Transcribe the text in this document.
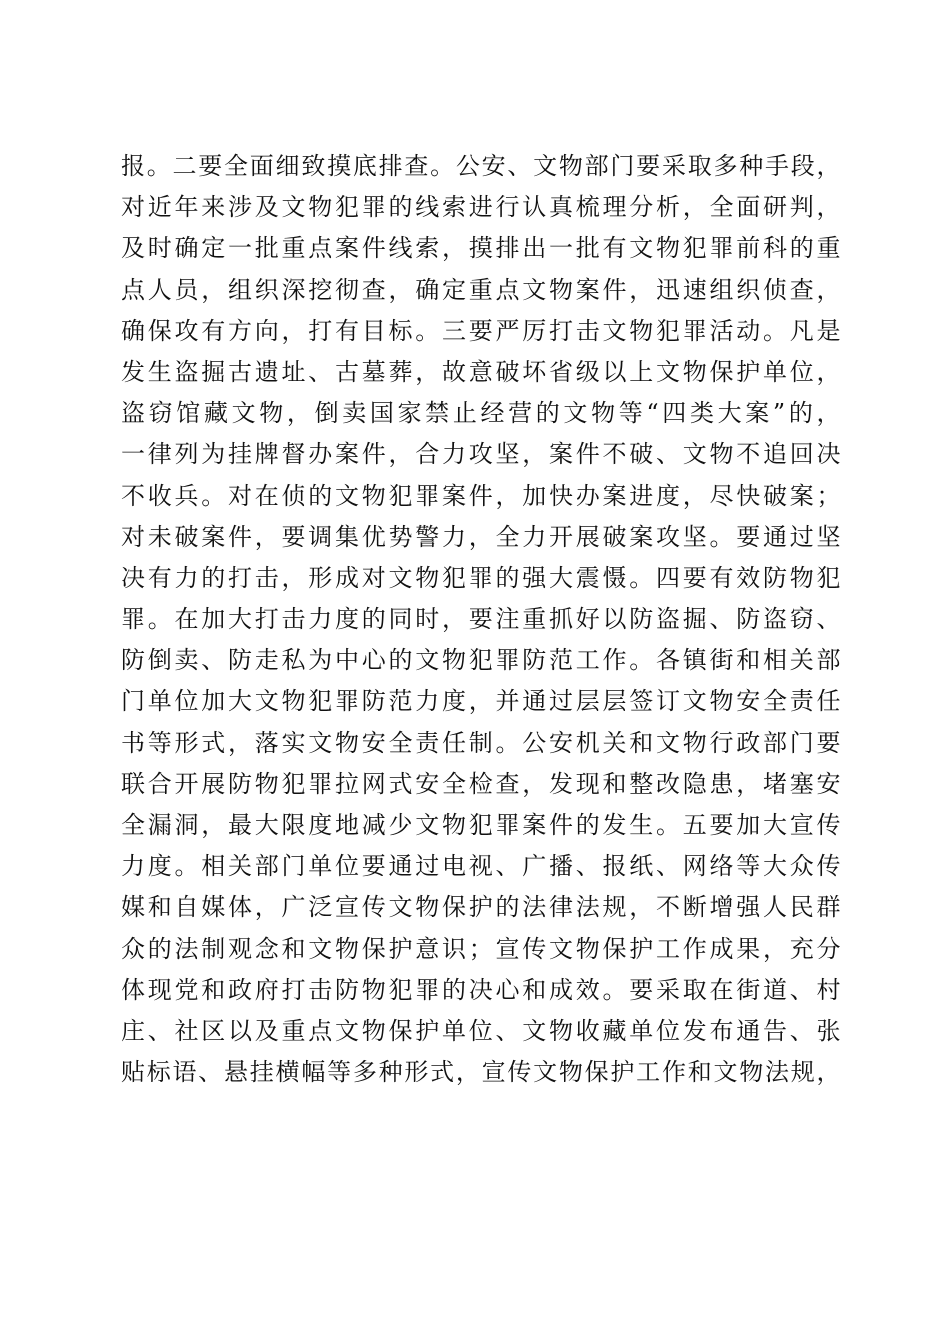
报。二要全面细致摸底排查。公安、文物部门要采取多种手段，
对近年来涉及文物犯罪的线索进行认真梳理分析，全面研判，
及时确定一批重点案件线索，摸排出一批有文物犯罪前科的重
点人员，组织深挖彻查，确定重点文物案件，迅速组织侦查，
确保攻有方向，打有目标。三要严厉打击文物犯罪活动。凡是
发生盗掘古遗址、古墓葬，故意破坏省级以上文物保护单位，
盗窃馆藏文物，倒卖国家禁止经营的文物等“四类大案”的，
一律列为挂牌督办案件，合力攻坚，案件不破、文物不追回决
不收兵。对在侦的文物犯罪案件，加快办案进度，尽快破案；
对未破案件，要调集优势警力，全力开展破案攻坚。要通过坚
决有力的打击，形成对文物犯罪的强大震慑。四要有效防物犯
罪。在加大打击力度的同时，要注重抓好以防盗掘、防盗窃、
防倒卖、防走私为中心的文物犯罪防范工作。各镇街和相关部
门单位加大文物犯罪防范力度，并通过层层签订文物安全责任
书等形式，落实文物安全责任制。公安机关和文物行政部门要
联合开展防物犯罪拉网式安全检查，发现和整改隐患，堵塞安
全漏洞，最大限度地减少文物犯罪案件的发生。五要加大宣传
力度。相关部门单位要通过电视、广播、报纸、网络等大众传
媒和自媒体，广泛宣传文物保护的法律法规，不断增强人民群
众的法制观念和文物保护意识；宣传文物保护工作成果，充分
体现党和政府打击防物犯罪的决心和成效。要采取在街道、村
庄、社区以及重点文物保护单位、文物收藏单位发布通告、张
贴标语、悬挂横幅等多种形式，宣传文物保护工作和文物法规，
